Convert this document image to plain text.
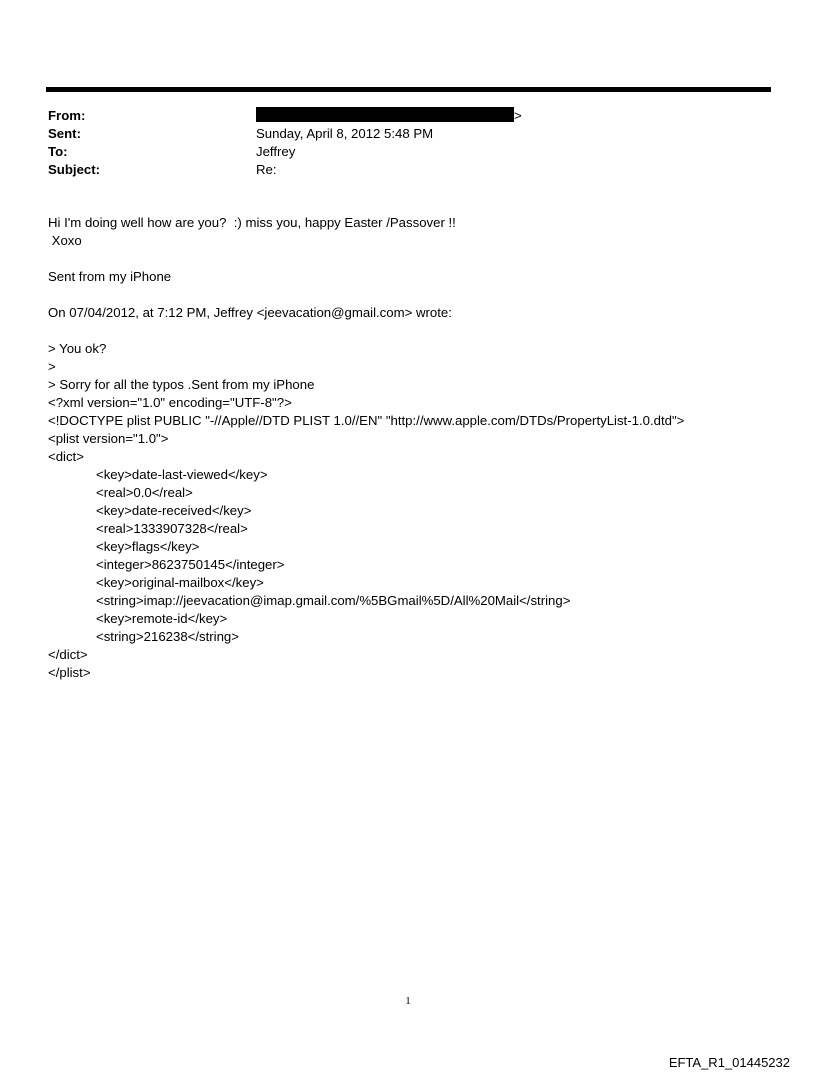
From:	>
Sent:	Sunday, April 8, 2012 5:48 PM
To:	Jeffrey
Subject:	Re:
Hi I'm doing well how are you?  :) miss you, happy Easter /Passover !!
Xoxo
Sent from my iPhone
On 07/04/2012, at 7:12 PM, Jeffrey <jeevacation@gmail.com> wrote:
> You ok?
>
> Sorry for all the typos .Sent from my iPhone
<?xml version="1.0" encoding="UTF-8"?>
<!DOCTYPE plist PUBLIC "-//Apple//DTD PLIST 1.0//EN" "http://www.apple.com/DTDs/PropertyList-1.0.dtd">
<plist version="1.0">
<dict>
<key>date-last-viewed</key>
<real>0.0</real>
<key>date-received</key>
<real>1333907328</real>
<key>flags</key>
<integer>8623750145</integer>
<key>original-mailbox</key>
<string>imap://jeevacation@imap.gmail.com/%5BGmail%5D/All%20Mail</string>
<key>remote-id</key>
<string>216238</string>
</dict>
</plist>
1
EFTA_R1_01445232
